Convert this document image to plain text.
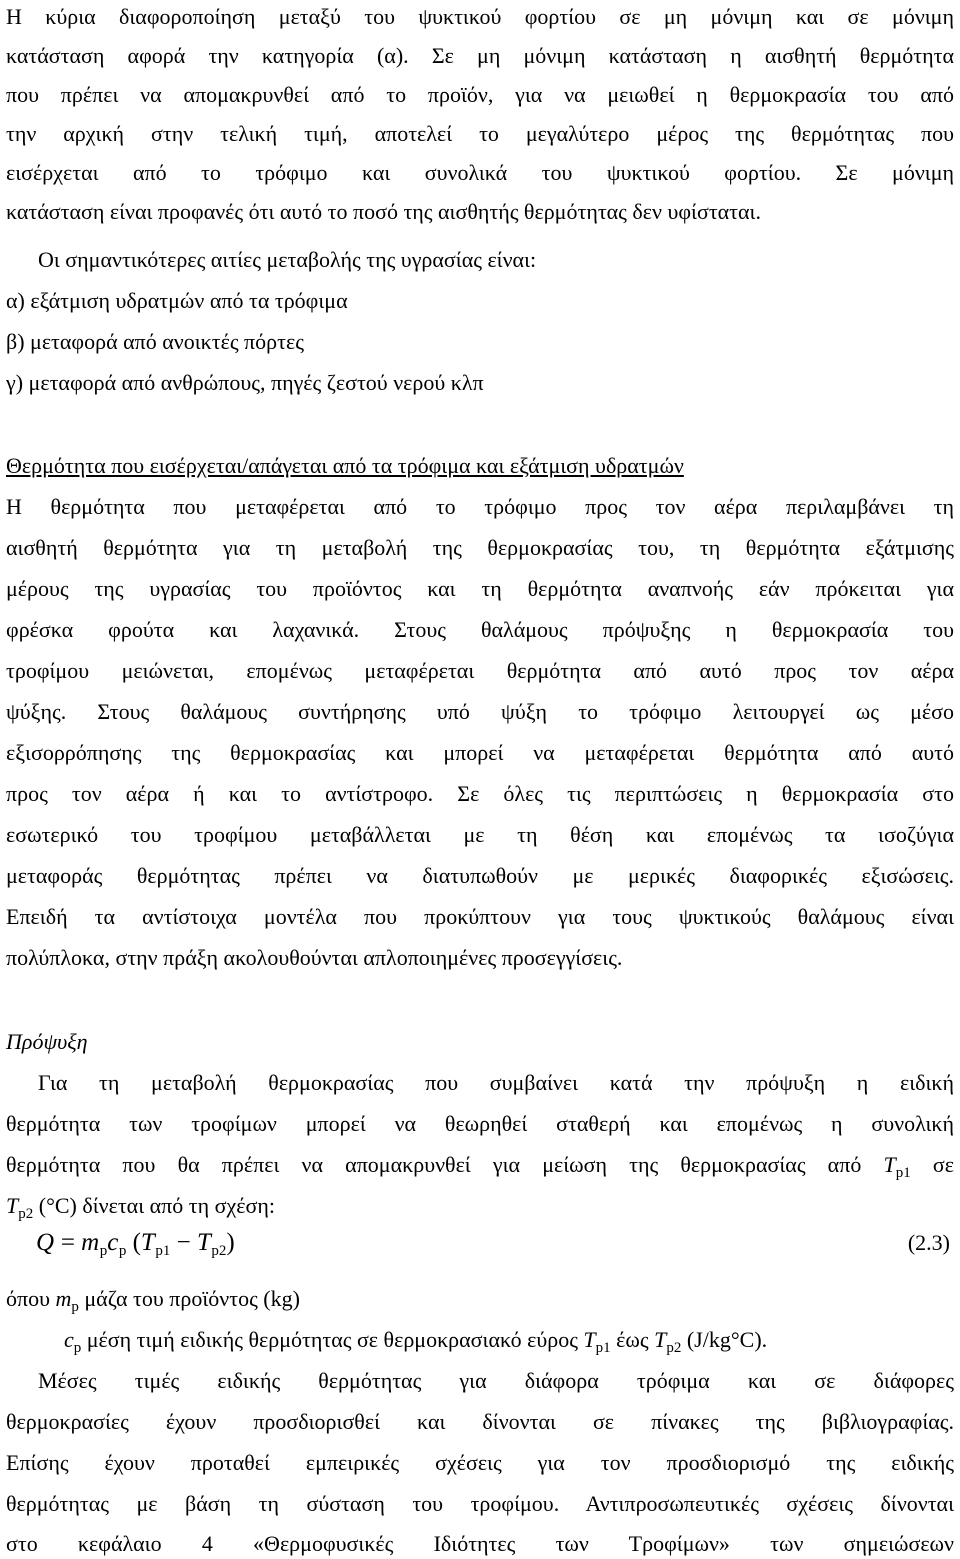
Η κύρια διαφοροποίηση μεταξύ του ψυκτικού φορτίου σε μη μόνιμη και σε μόνιμη
κατάσταση αφορά την κατηγορία (α). Σε μη μόνιμη κατάσταση η αισθητή θερμότητα
που πρέπει να απομακρυνθεί από το προϊόν, για να μειωθεί η θερμοκρασία του από
την αρχική στην τελική τιμή, αποτελεί το μεγαλύτερο μέρος της θερμότητας που
εισέρχεται από το τρόφιμο και συνολικά του ψυκτικού φορτίου. Σε μόνιμη
κατάσταση είναι προφανές ότι αυτό το ποσό της αισθητής θερμότητας δεν υφίσταται.
Οι σημαντικότερες αιτίες μεταβολής της υγρασίας είναι:
α) εξάτμιση υδρατμών από τα τρόφιμα
β) μεταφορά από ανοικτές πόρτες
γ) μεταφορά από ανθρώπους, πηγές ζεστού νερού κλπ
Θερμότητα που εισέρχεται/απάγεται από τα τρόφιμα και εξάτμιση υδρατμών
Η θερμότητα που μεταφέρεται από το τρόφιμο προς τον αέρα περιλαμβάνει τη
αισθητή θερμότητα για τη μεταβολή της θερμοκρασίας του, τη θερμότητα εξάτμισης
μέρους της υγρασίας του προϊόντος και τη θερμότητα αναπνοής εάν πρόκειται για
φρέσκα φρούτα και λαχανικά. Στους θαλάμους πρόψυξης η θερμοκρασία του
τροφίμου μειώνεται, επομένως μεταφέρεται θερμότητα από αυτό προς τον αέρα
ψύξης. Στους θαλάμους συντήρησης υπό ψύξη το τρόφιμο λειτουργεί ως μέσο
εξισορρόπησης της θερμοκρασίας και μπορεί να μεταφέρεται θερμότητα από αυτό
προς τον αέρα ή και το αντίστροφο. Σε όλες τις περιπτώσεις η θερμοκρασία στο
εσωτερικό του τροφίμου μεταβάλλεται με τη θέση και επομένως τα ισοζύγια
μεταφοράς θερμότητας πρέπει να διατυπωθούν με μερικές διαφορικές εξισώσεις.
Επειδή τα αντίστοιχα μοντέλα που προκύπτουν για τους ψυκτικούς θαλάμους είναι
πολύπλοκα, στην πράξη ακολουθούνται απλοποιημένες προσεγγίσεις.
Πρόψυξη
Για τη μεταβολή θερμοκρασίας που συμβαίνει κατά την πρόψυξη η ειδική
θερμότητα των τροφίμων μπορεί να θεωρηθεί σταθερή και επομένως η συνολική
θερμότητα που θα πρέπει να απομακρυνθεί για μείωση της θερμοκρασίας από $T_{p1}$ σε
$T_{p2}$ (°C) δίνεται από τη σχέση:
$Q = m_pc_p$ $(T_{p1} - T_{p2})$	(2.3)
όπου $m_p$ μάζα του προϊόντος (kg)
$c_p$ μέση τιμή ειδικής θερμότητας σε θερμοκρασιακό εύρος $T_{p1}$ έως $T_{p2}$ (J/kg°C).
Μέσες τιμές ειδικής θερμότητας για διάφορα τρόφιμα και σε διάφορες
θερμοκρασίες έχουν προσδιορισθεί και δίνονται σε πίνακες της βιβλιογραφίας.
Επίσης έχουν προταθεί εμπειρικές σχέσεις για τον προσδιορισμό της ειδικής
θερμότητας με βάση τη σύσταση του τροφίμου. Αντιπροσωπευτικές σχέσεις δίνονται
στο κεφάλαιο 4 «Θερμοφυσικές Ιδιότητες των Τροφίμων» των σημειώσεων
